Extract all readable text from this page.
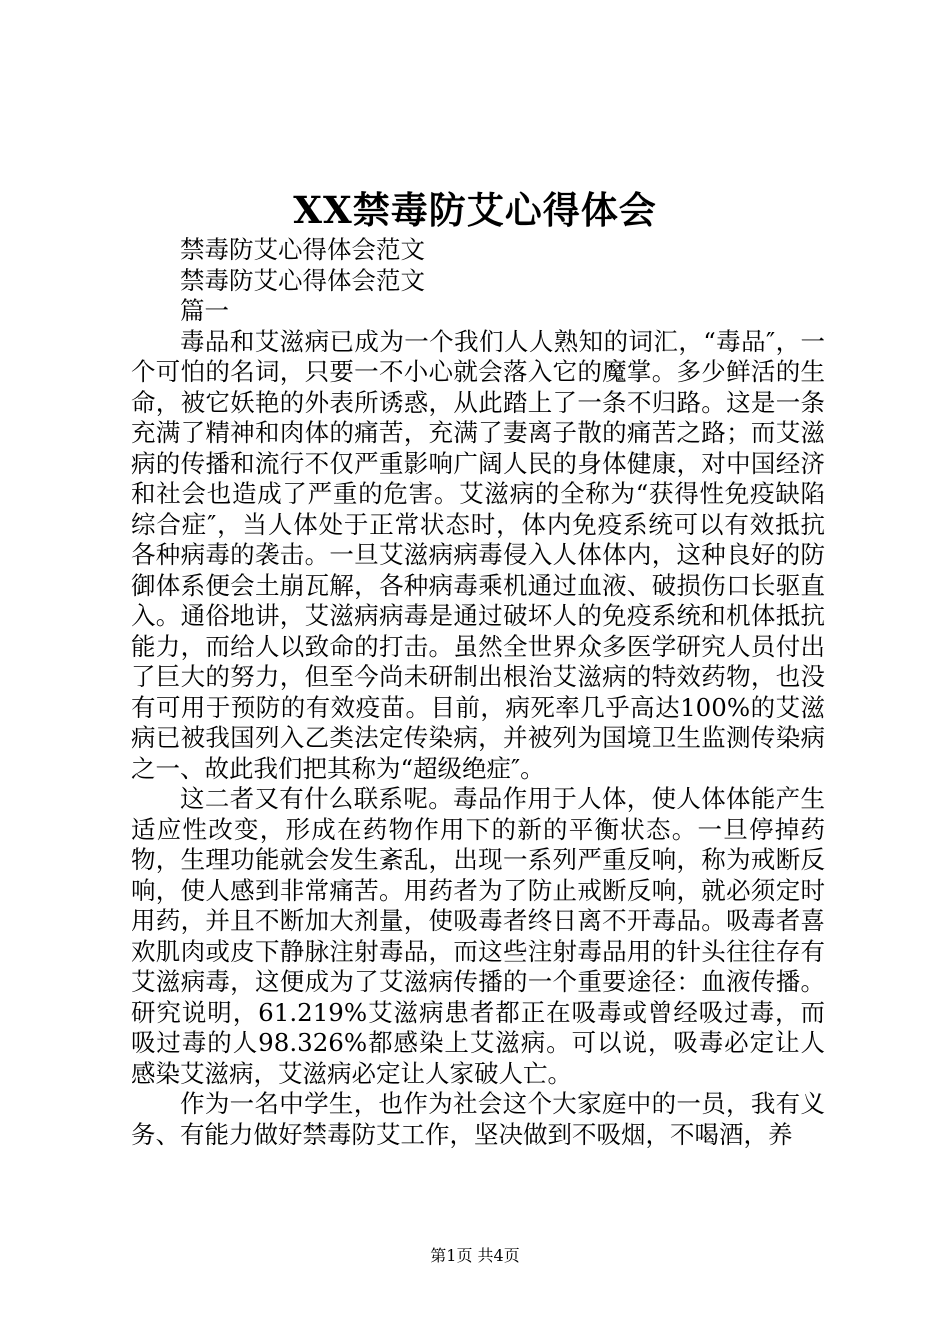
XX禁毒防艾心得体会

禁毒防艾心得体会范文

禁毒防艾心得体会范文

篇一

毒品和艾滋病已成为一个我们人人熟知的词汇，“毒品″，一个可怕的名词，只要一不小心就会落入它的魔掌。多少鲜活的生命，被它妖艳的外表所诱惑，从此踏上了一条不归路。这是一条充满了精神和肉体的痛苦，充满了妻离子散的痛苦之路；而艾滋病的传播和流行不仅严重影响广阔人民的身体健康，对中国经济和社会也造成了严重的危害。艾滋病的全称为“获得性免疫缺陷综合症″，当人体处于正常状态时，体内免疫系统可以有效抵抗各种病毒的袭击。一旦艾滋病病毒侵入人体体内，这种良好的防御体系便会土崩瓦解，各种病毒乘机通过血液、破损伤口长驱直入。通俗地讲，艾滋病病毒是通过破坏人的免疫系统和机体抵抗能力，而给人以致命的打击。虽然全世界众多医学研究人员付出了巨大的努力，但至今尚未研制出根治艾滋病的特效药物，也没有可用于预防的有效疫苗。目前，病死率几乎高达100%的艾滋病已被我国列入乙类法定传染病，并被列为国境卫生监测传染病之一、故此我们把其称为“超级绝症″。

这二者又有什么联系呢。毒品作用于人体，使人体体能产生适应性改变，形成在药物作用下的新的平衡状态。一旦停掉药物，生理功能就会发生紊乱，出现一系列严重反响，称为戒断反响，使人感到非常痛苦。用药者为了防止戒断反响，就必须定时用药，并且不断加大剂量，使吸毒者终日离不开毒品。吸毒者喜欢肌肉或皮下静脉注射毒品，而这些注射毒品用的针头往往存有艾滋病毒，这便成为了艾滋病传播的一个重要途径：血液传播。研究说明，61.219%艾滋病患者都正在吸毒或曾经吸过毒，而吸过毒的人98.326%都感染上艾滋病。可以说，吸毒必定让人感染艾滋病，艾滋病必定让人家破人亡。

作为一名中学生，也作为社会这个大家庭中的一员，我有义务、有能力做好禁毒防艾工作，坚决做到不吸烟，不喝酒，养

第1页 共4页
